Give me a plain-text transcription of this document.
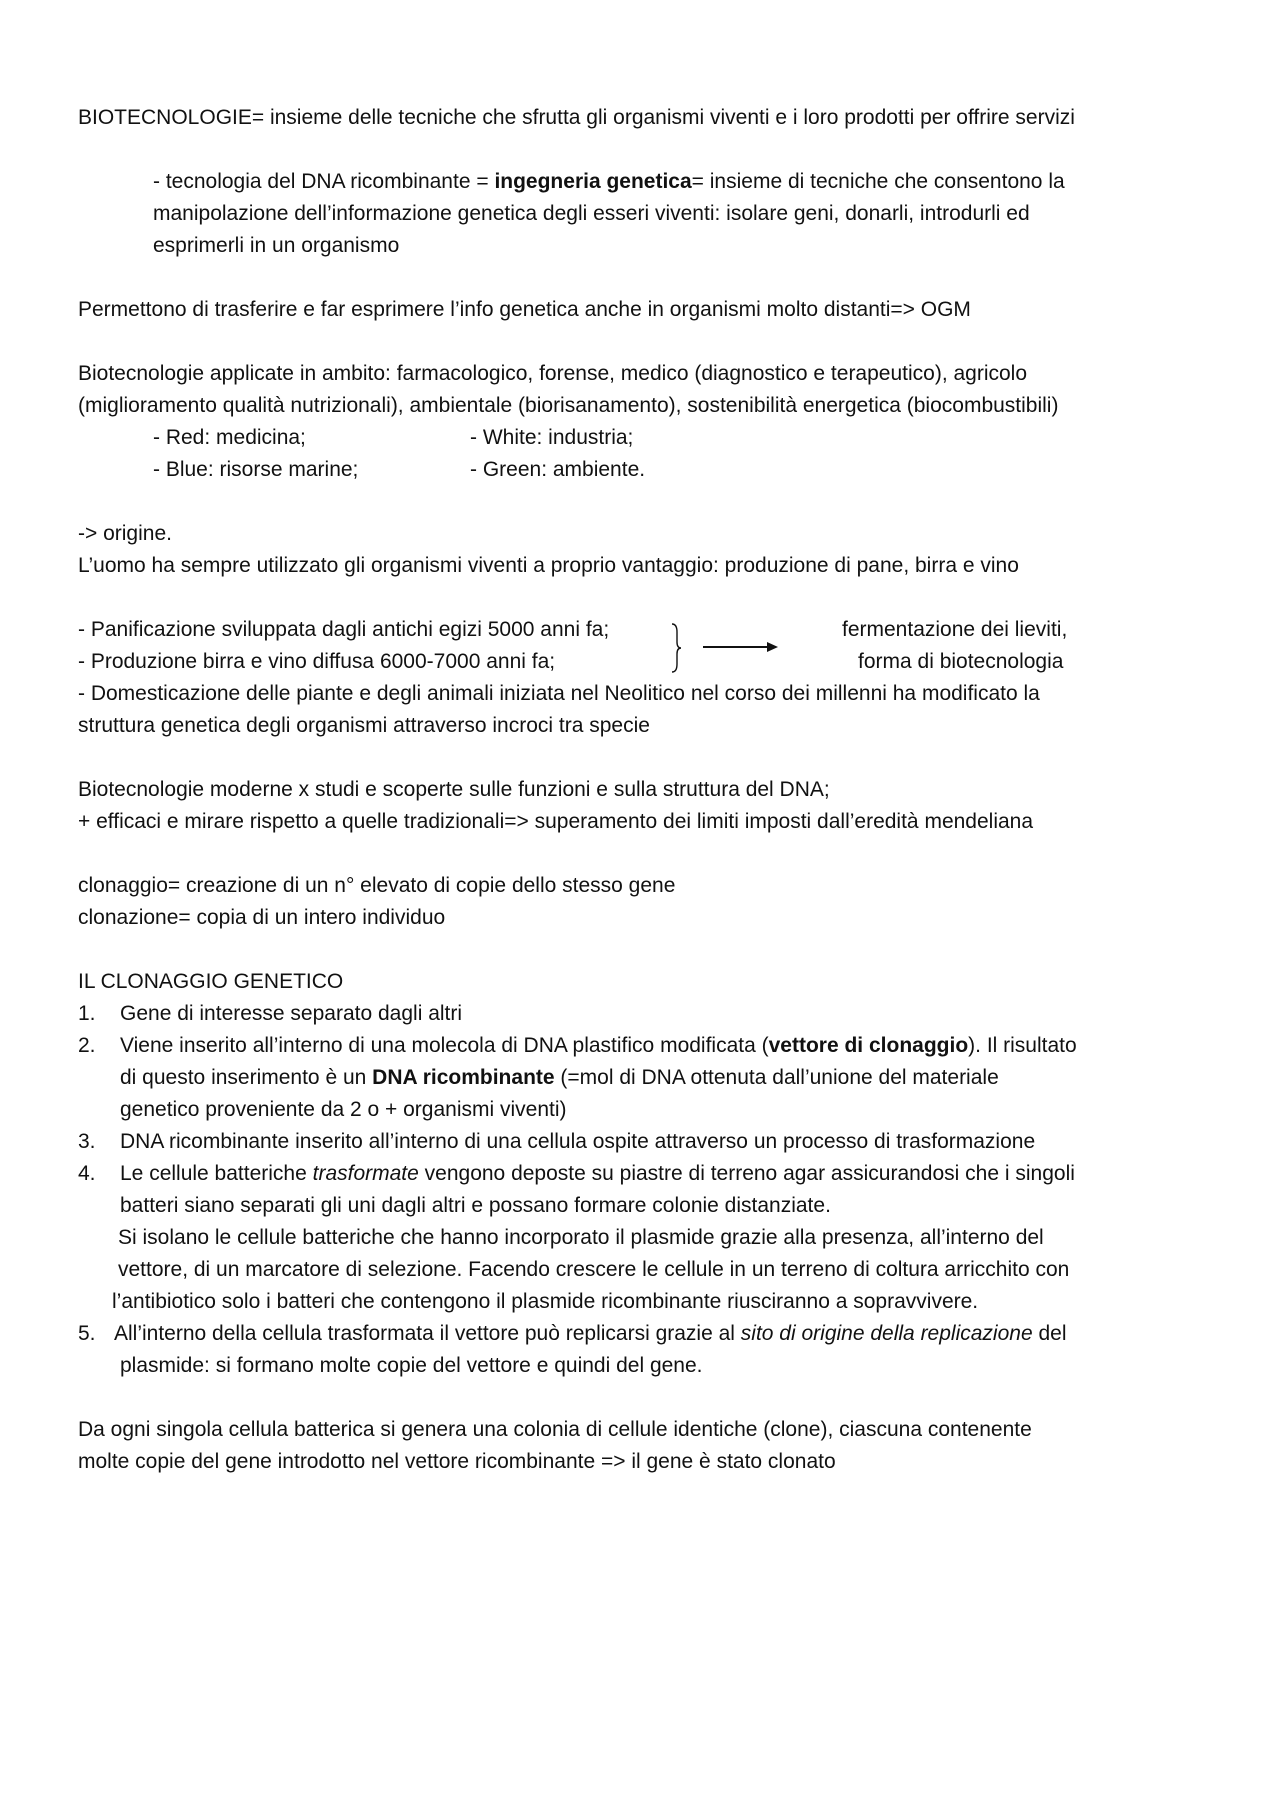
BIOTECNOLOGIE= insieme delle tecniche che sfrutta gli organismi viventi e i loro prodotti per offrire servizi
- tecnologia del DNA ricombinante = ingegneria genetica= insieme di tecniche che consentono la
manipolazione dell’informazione genetica degli esseri viventi: isolare geni, donarli, introdurli ed
esprimerli in un organismo
Permettono di trasferire e far esprimere l’info genetica anche in organismi molto distanti=> OGM
Biotecnologie applicate in ambito: farmacologico, forense, medico (diagnostico e terapeutico), agricolo
(miglioramento qualità nutrizionali), ambientale (biorisanamento), sostenibilità energetica (biocombustibili)
- Red: medicina;	- White: industria;
- Blue: risorse marine;	- Green: ambiente.
-> origine.
L’uomo ha sempre utilizzato gli organismi viventi a proprio vantaggio: produzione di pane, birra e vino
- Panificazione sviluppata dagli antichi egizi 5000 anni fa;
- Produzione birra e vino diffusa 6000-7000 anni fa;
fermentazione dei lieviti,
forma di biotecnologia
- Domesticazione delle piante e degli animali iniziata nel Neolitico nel corso dei millenni ha modificato la
struttura genetica degli organismi attraverso incroci tra specie
Biotecnologie moderne x studi e scoperte sulle funzioni e sulla struttura del DNA;
+ efficaci e mirare rispetto a quelle tradizionali=> superamento dei limiti imposti dall’eredità mendeliana
clonaggio= creazione di un n° elevato di copie dello stesso gene
clonazione= copia di un intero individuo
IL CLONAGGIO GENETICO
1. Gene di interesse separato dagli altri
2. Viene inserito all’interno di una molecola di DNA plastifico modificata (vettore di clonaggio). Il risultato
di questo inserimento è un DNA ricombinante (=mol di DNA ottenuta dall’unione del materiale
genetico proveniente da 2 o + organismi viventi)
3. DNA ricombinante inserito all’interno di una cellula ospite attraverso un processo di trasformazione
4. Le cellule batteriche trasformate vengono deposte su piastre di terreno agar assicurandosi che i singoli
batteri siano separati gli uni dagli altri e possano formare colonie distanziate.
Si isolano le cellule batteriche che hanno incorporato il plasmide grazie alla presenza, all’interno del
vettore, di un marcatore di selezione. Facendo crescere le cellule in un terreno di coltura arricchito con
l’antibiotico solo i batteri che contengono il plasmide ricombinante riusciranno a sopravvivere.
5. All’interno della cellula trasformata il vettore può replicarsi grazie al sito di origine della replicazione del
plasmide: si formano molte copie del vettore e quindi del gene.
Da ogni singola cellula batterica si genera una colonia di cellule identiche (clone), ciascuna contenente
molte copie del gene introdotto nel vettore ricombinante => il gene è stato clonato
